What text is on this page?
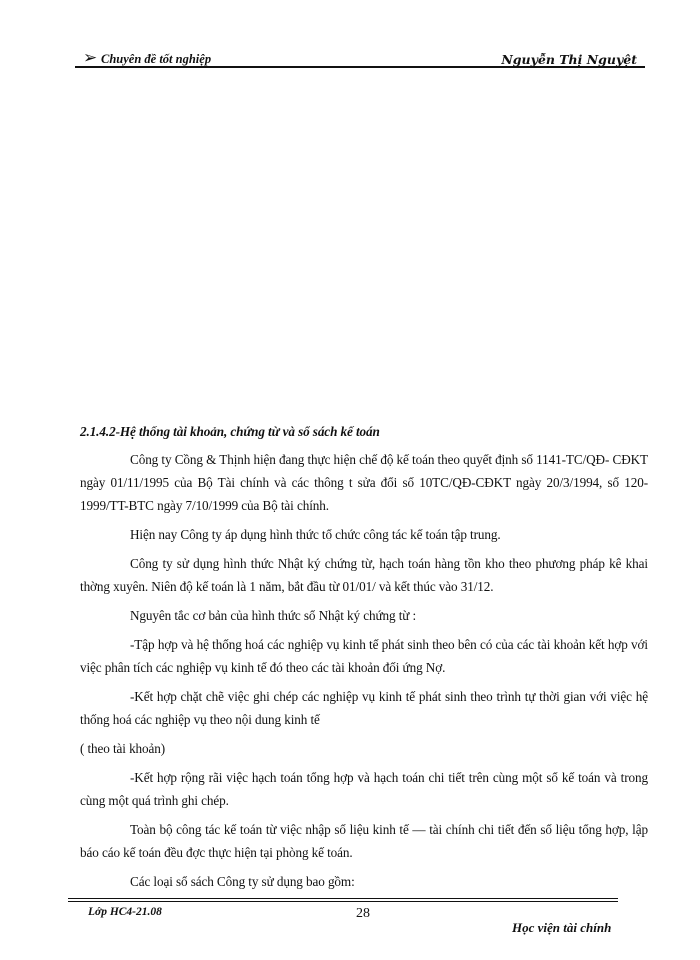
➢ Chuyên đề tốt nghiệp	Nguyễn Thị Nguyệt

2.1.4.2-Hệ thống tài khoản, chứng từ và sổ sách kế toán

Công ty Cồng & Thịnh hiện đang thực hiện chế độ kế toán theo quyết định số 1141-TC/QĐ- CĐKT ngày 01/11/1995 của Bộ Tài chính và các thông t sửa đổi số 10TC/QĐ-CĐKT ngày 20/3/1994, số 120-1999/TT-BTC ngày 7/10/1999 của Bộ tài chính.

Hiện nay Công ty áp dụng hình thức tổ chức công tác kế toán tập trung.

Công ty sử dụng hình thức Nhật ký chứng từ, hạch toán hàng tồn kho theo phương pháp kê khai thờng xuyên. Niên độ kế toán là 1 năm, bắt đầu từ 01/01/ và kết thúc vào 31/12.

Nguyên tắc cơ bản của hình thức sổ Nhật ký chứng từ :

-Tập hợp và hệ thống hoá các nghiệp vụ kinh tế phát sinh theo bên có của các tài khoản kết hợp với việc phân tích các nghiệp vụ kinh tế đó theo các tài khoản đối ứng Nợ.

-Kết hợp chặt chẽ việc ghi chép các nghiệp vụ kinh tế phát sinh theo trình tự thời gian với việc hệ thống hoá các nghiệp vụ theo nội dung kinh tế

( theo tài khoản)

-Kết hợp rộng rãi việc hạch toán tổng hợp và hạch toán chi tiết trên cùng một sổ kế toán và trong cùng một quá trình ghi chép.

Toàn bộ công tác kế toán từ việc nhập số liệu kinh tế — tài chính chi tiết đến số liệu tổng hợp, lập báo cáo kế toán đều đợc thực hiện tại phòng kế toán.

Các loại sổ sách Công ty sử dụng bao gồm:

Lớp HC4-21.08	28
Học viện tài chính
